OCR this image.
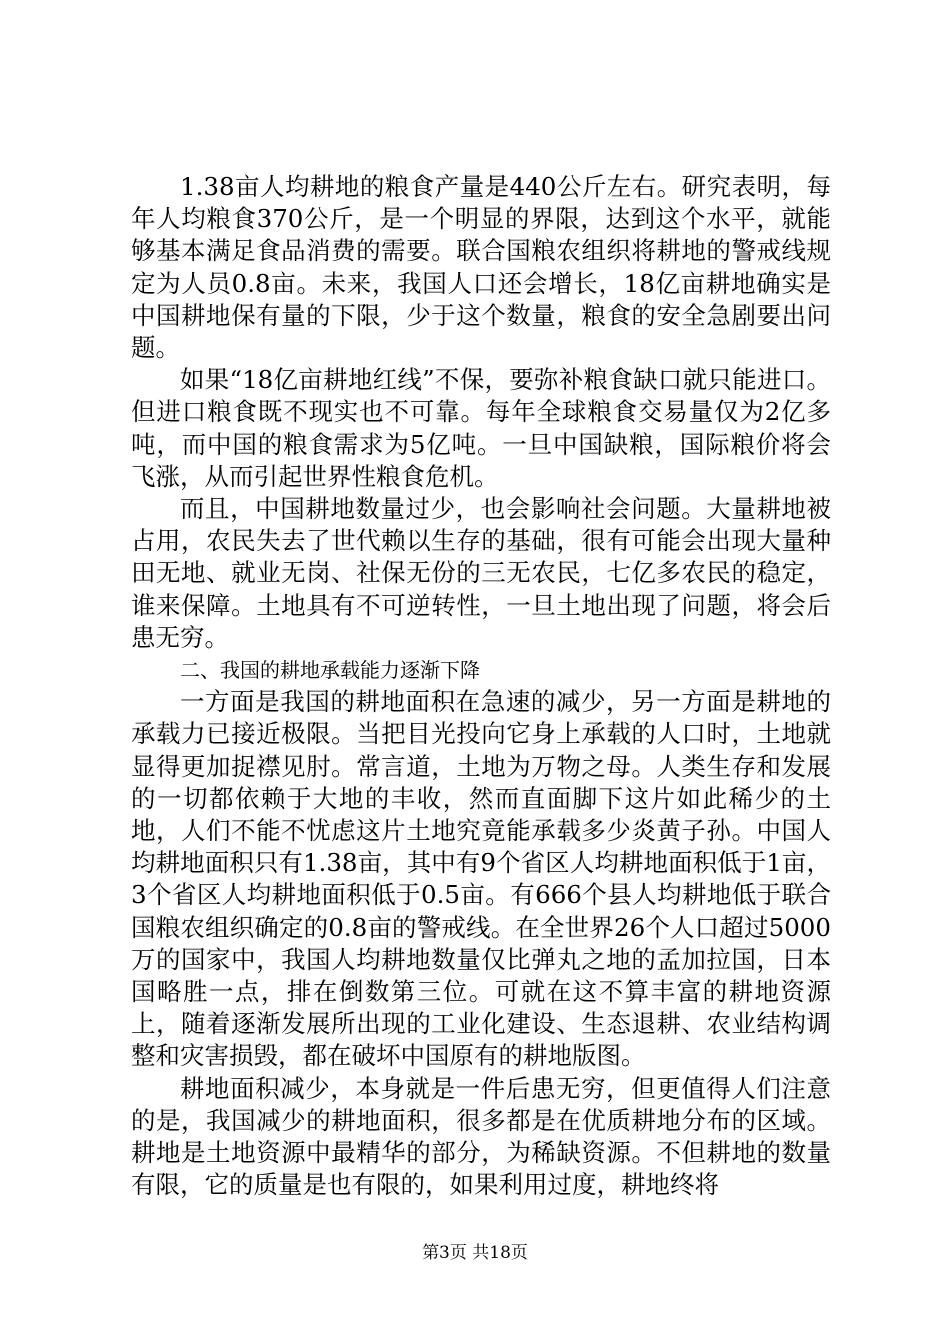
1.38亩人均耕地的粮食产量是440公斤左右。研究表明，每年人均粮食370公斤，是一个明显的界限，达到这个水平，就能够基本满足食品消费的需要。联合国粮农组织将耕地的警戒线规定为人员0.8亩。未来，我国人口还会增长，18亿亩耕地确实是中国耕地保有量的下限，少于这个数量，粮食的安全急剧要出问题。

如果“18亿亩耕地红线”不保，要弥补粮食缺口就只能进口。但进口粮食既不现实也不可靠。每年全球粮食交易量仅为2亿多吨，而中国的粮食需求为5亿吨。一旦中国缺粮，国际粮价将会飞涨，从而引起世界性粮食危机。

而且，中国耕地数量过少，也会影响社会问题。大量耕地被占用，农民失去了世代赖以生存的基础，很有可能会出现大量种田无地、就业无岗、社保无份的三无农民，七亿多农民的稳定，谁来保障。土地具有不可逆转性，一旦土地出现了问题，将会后患无穷。

二、我国的耕地承载能力逐渐下降

一方面是我国的耕地面积在急速的减少，另一方面是耕地的承载力已接近极限。当把目光投向它身上承载的人口时，土地就显得更加捉襟见肘。常言道，土地为万物之母。人类生存和发展的一切都依赖于大地的丰收，然而直面脚下这片如此稀少的土地，人们不能不忧虑这片土地究竟能承载多少炎黄子孙。中国人均耕地面积只有1.38亩，其中有9个省区人均耕地面积低于1亩，3个省区人均耕地面积低于0.5亩。有666个县人均耕地低于联合国粮农组织确定的0.8亩的警戒线。在全世界26个人口超过5000万的国家中，我国人均耕地数量仅比弹丸之地的孟加拉国，日本国略胜一点，排在倒数第三位。可就在这不算丰富的耕地资源上，随着逐渐发展所出现的工业化建设、生态退耕、农业结构调整和灾害损毁，都在破坏中国原有的耕地版图。

耕地面积减少，本身就是一件后患无穷，但更值得人们注意的是，我国减少的耕地面积，很多都是在优质耕地分布的区域。耕地是土地资源中最精华的部分，为稀缺资源。不但耕地的数量有限，它的质量是也有限的，如果利用过度，耕地终将

第3页 共18页
